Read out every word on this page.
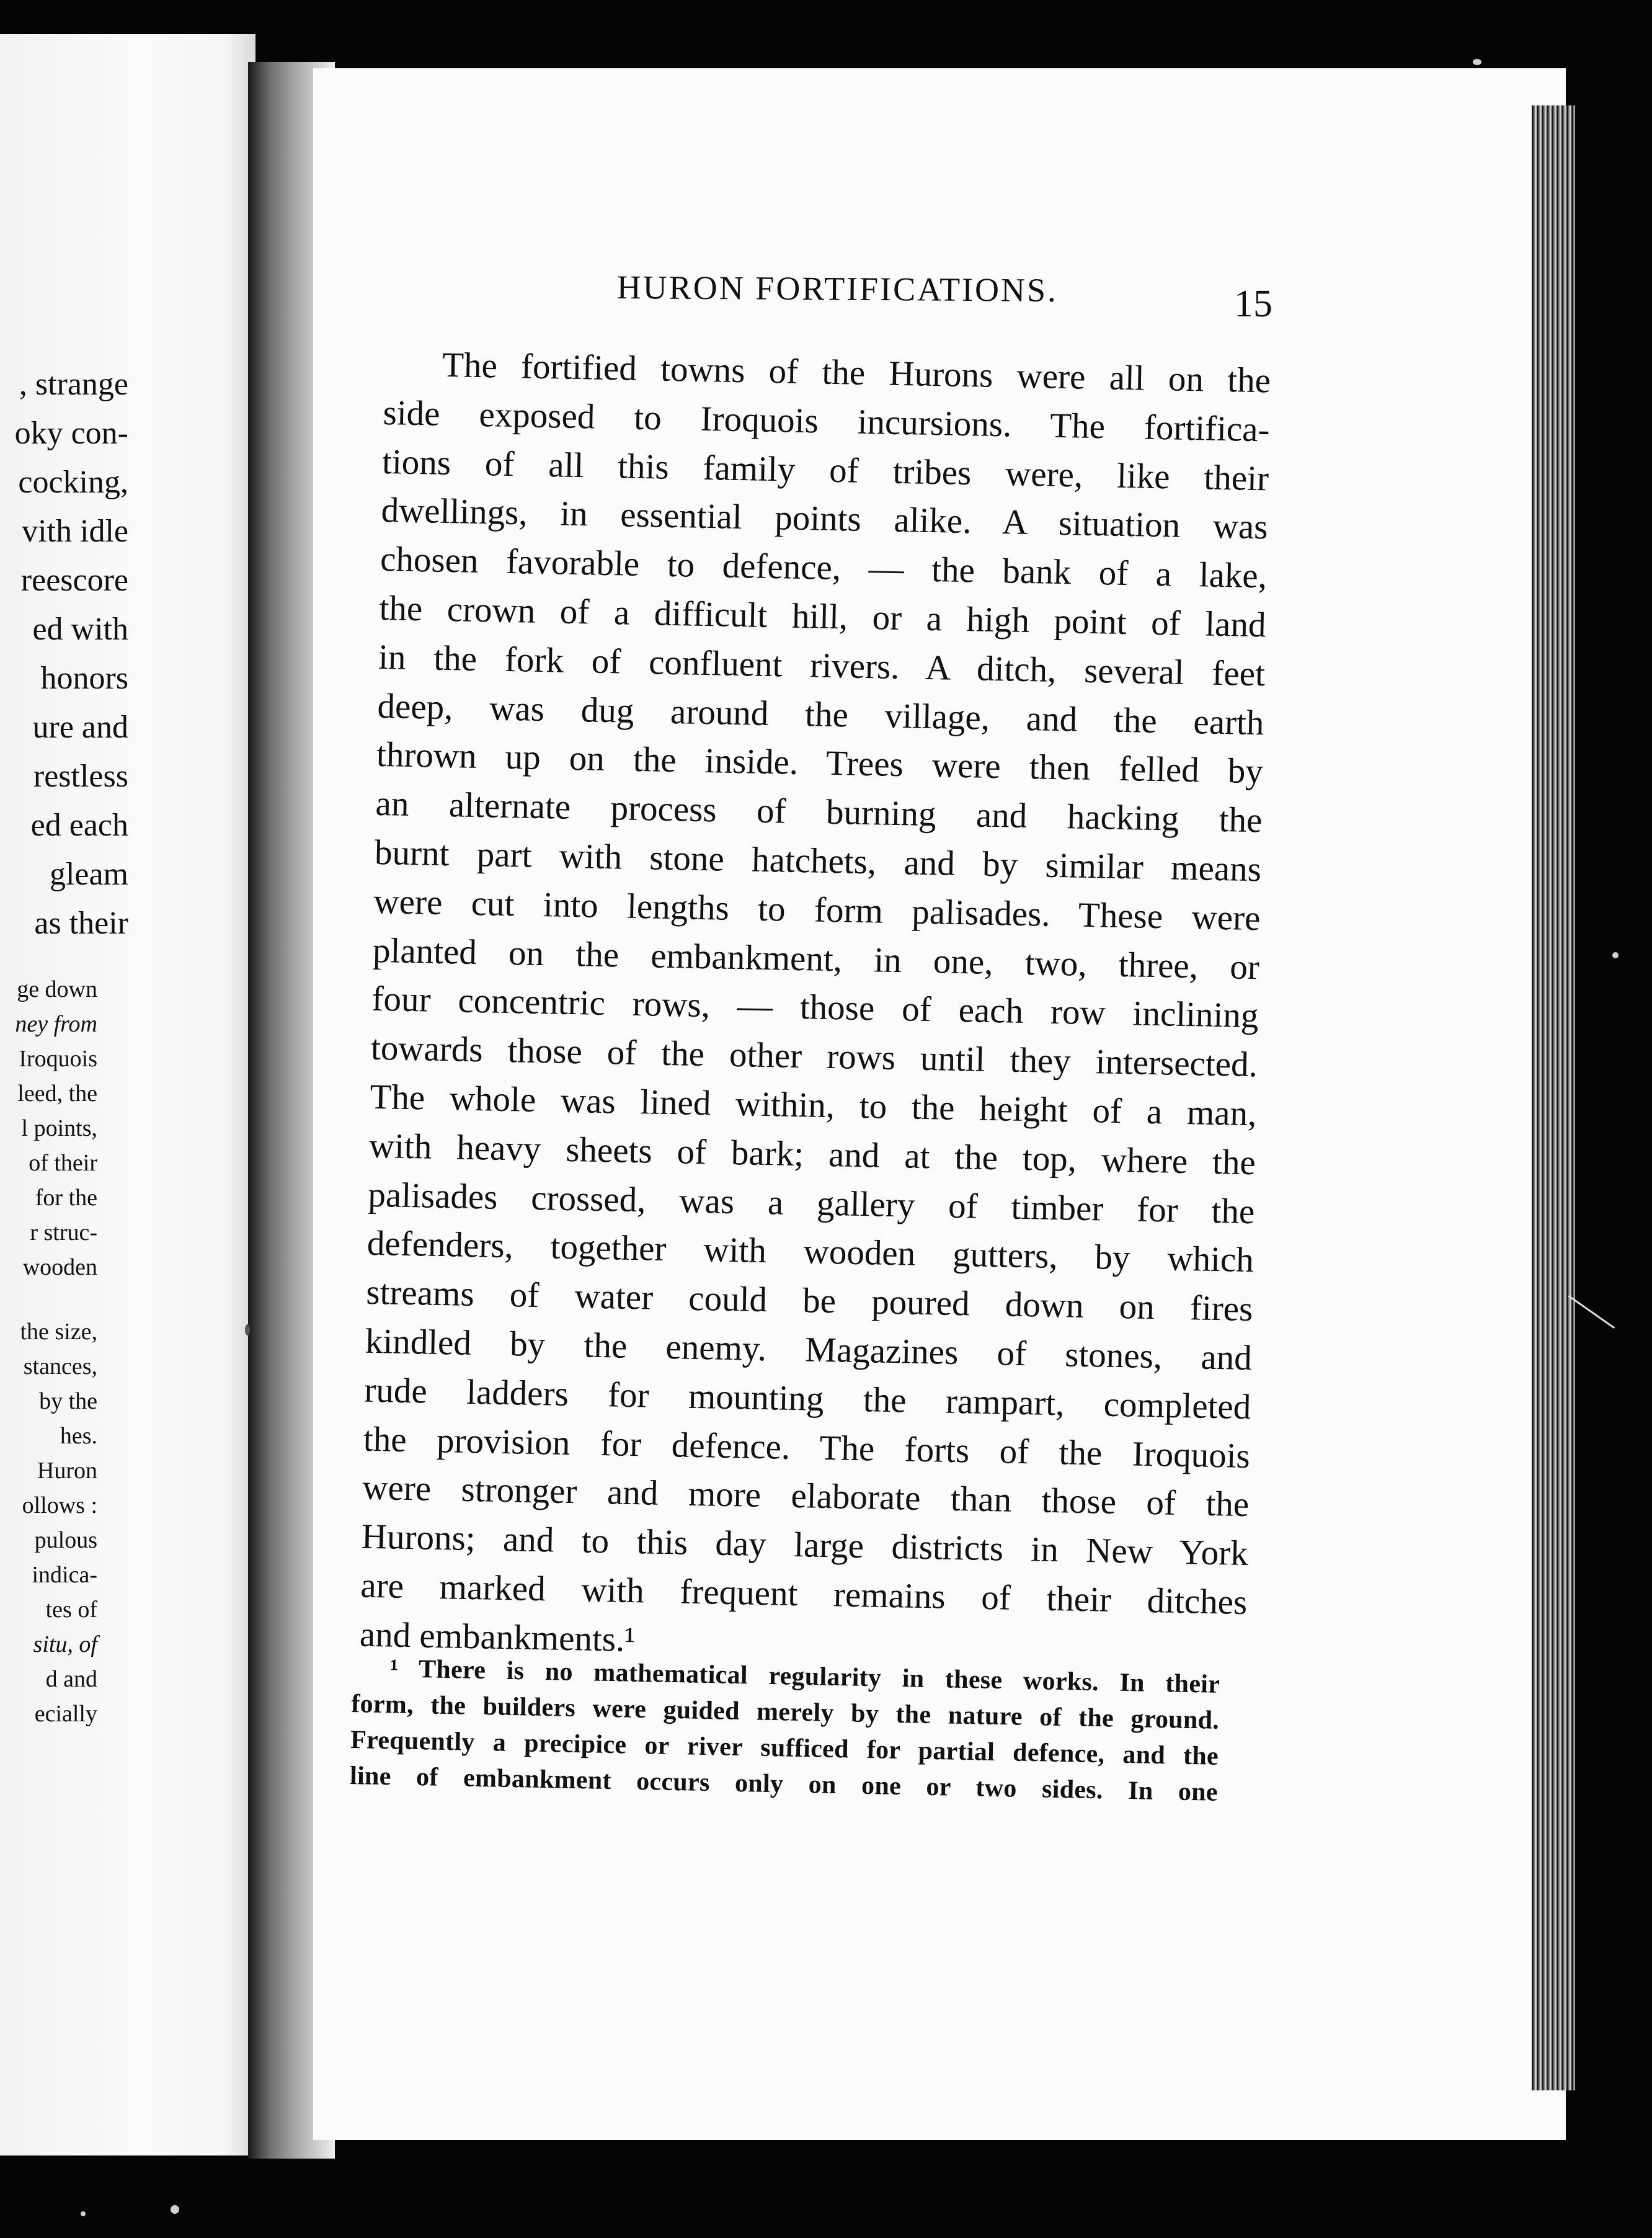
, strange
oky con-
cocking,
vith idle
reescore
ed with
honors
ure and
restless
ed each
gleam
as their
ge down
ney from
Iroquois
leed, the
l points,
of their
for the
r struc-
wooden
the size,
stances,
by the
hes.
Huron
ollows :
pulous
indica-
tes of
situ, of
d and
ecially
HURON FORTIFICATIONS.	15
The fortified towns of the Hurons were all on the
side exposed to Iroquois incursions. The fortifica-
tions of all this family of tribes were, like their
dwellings, in essential points alike. A situation was
chosen favorable to defence, — the bank of a lake,
the crown of a difficult hill, or a high point of land
in the fork of confluent rivers. A ditch, several feet
deep, was dug around the village, and the earth
thrown up on the inside. Trees were then felled by
an alternate process of burning and hacking the
burnt part with stone hatchets, and by similar means
were cut into lengths to form palisades. These were
planted on the embankment, in one, two, three, or
four concentric rows, — those of each row inclining
towards those of the other rows until they intersected.
The whole was lined within, to the height of a man,
with heavy sheets of bark; and at the top, where the
palisades crossed, was a gallery of timber for the
defenders, together with wooden gutters, by which
streams of water could be poured down on fires
kindled by the enemy. Magazines of stones, and
rude ladders for mounting the rampart, completed
the provision for defence. The forts of the Iroquois
were stronger and more elaborate than those of the
Hurons; and to this day large districts in New York
are marked with frequent remains of their ditches
and embankments.¹
¹ There is no mathematical regularity in these works. In their
form, the builders were guided merely by the nature of the ground.
Frequently a precipice or river sufficed for partial defence, and the
line of embankment occurs only on one or two sides. In one
